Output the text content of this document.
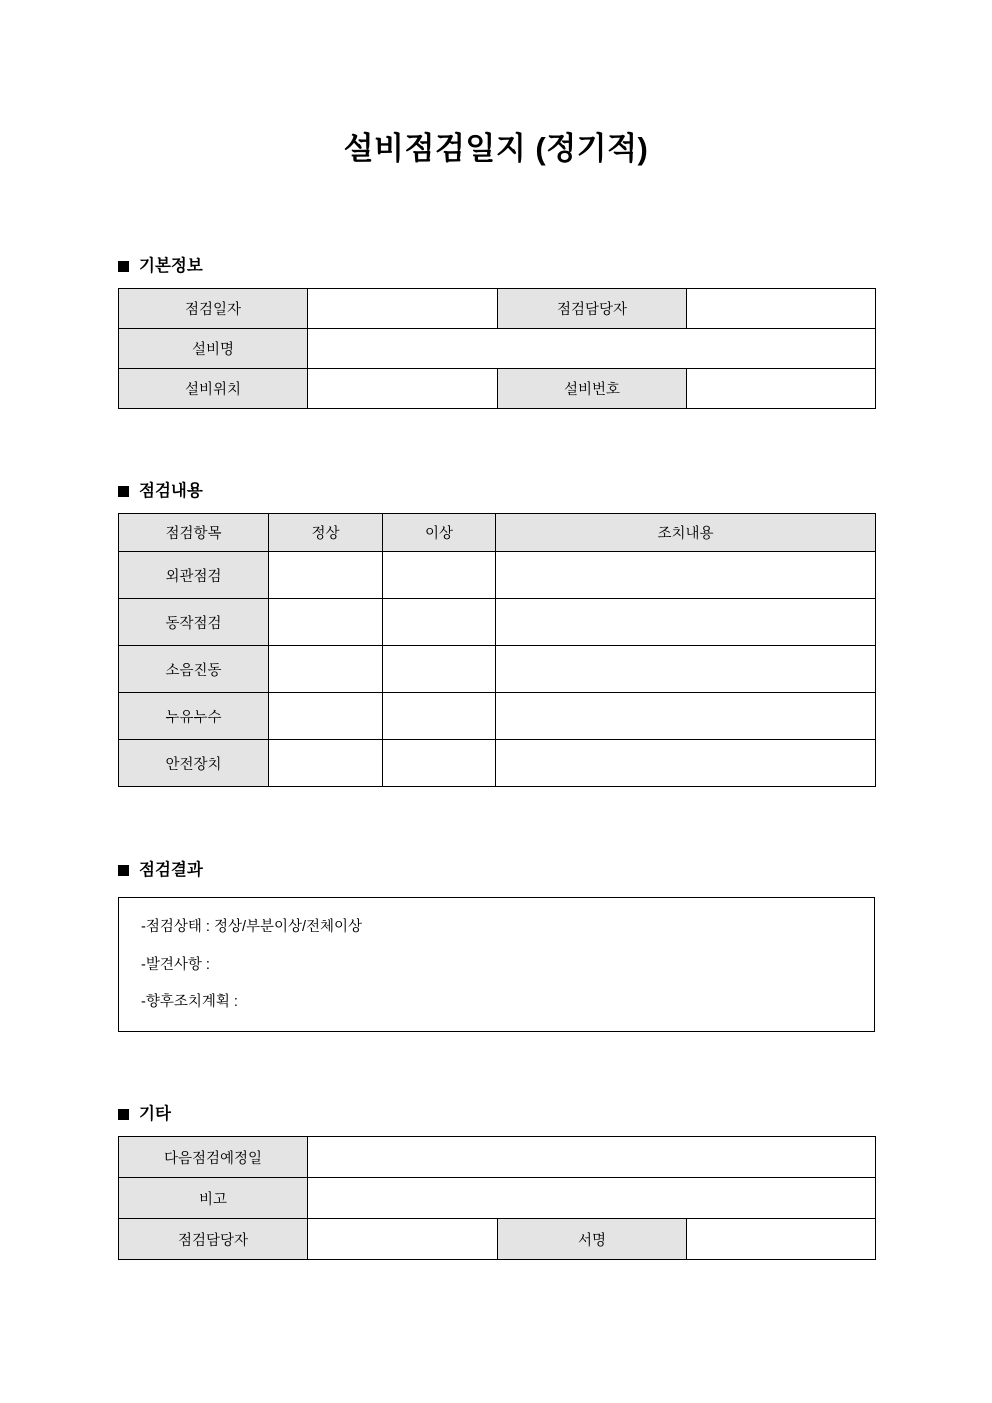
설비점검일지 (정기적)
기본정보
점검일자		점검담당자	
설비명			
설비위치		설비번호	
점검내용
점검항목	정상	이상	조치내용
외관점검			
동작점검			
소음진동			
누유누수			
안전장치			
점검결과
-점검상태 : 정상/부분이상/전체이상
-발견사항 :
-향후조치계획 :
기타
다음점검예정일			
비고			
점검담당자		서명	
